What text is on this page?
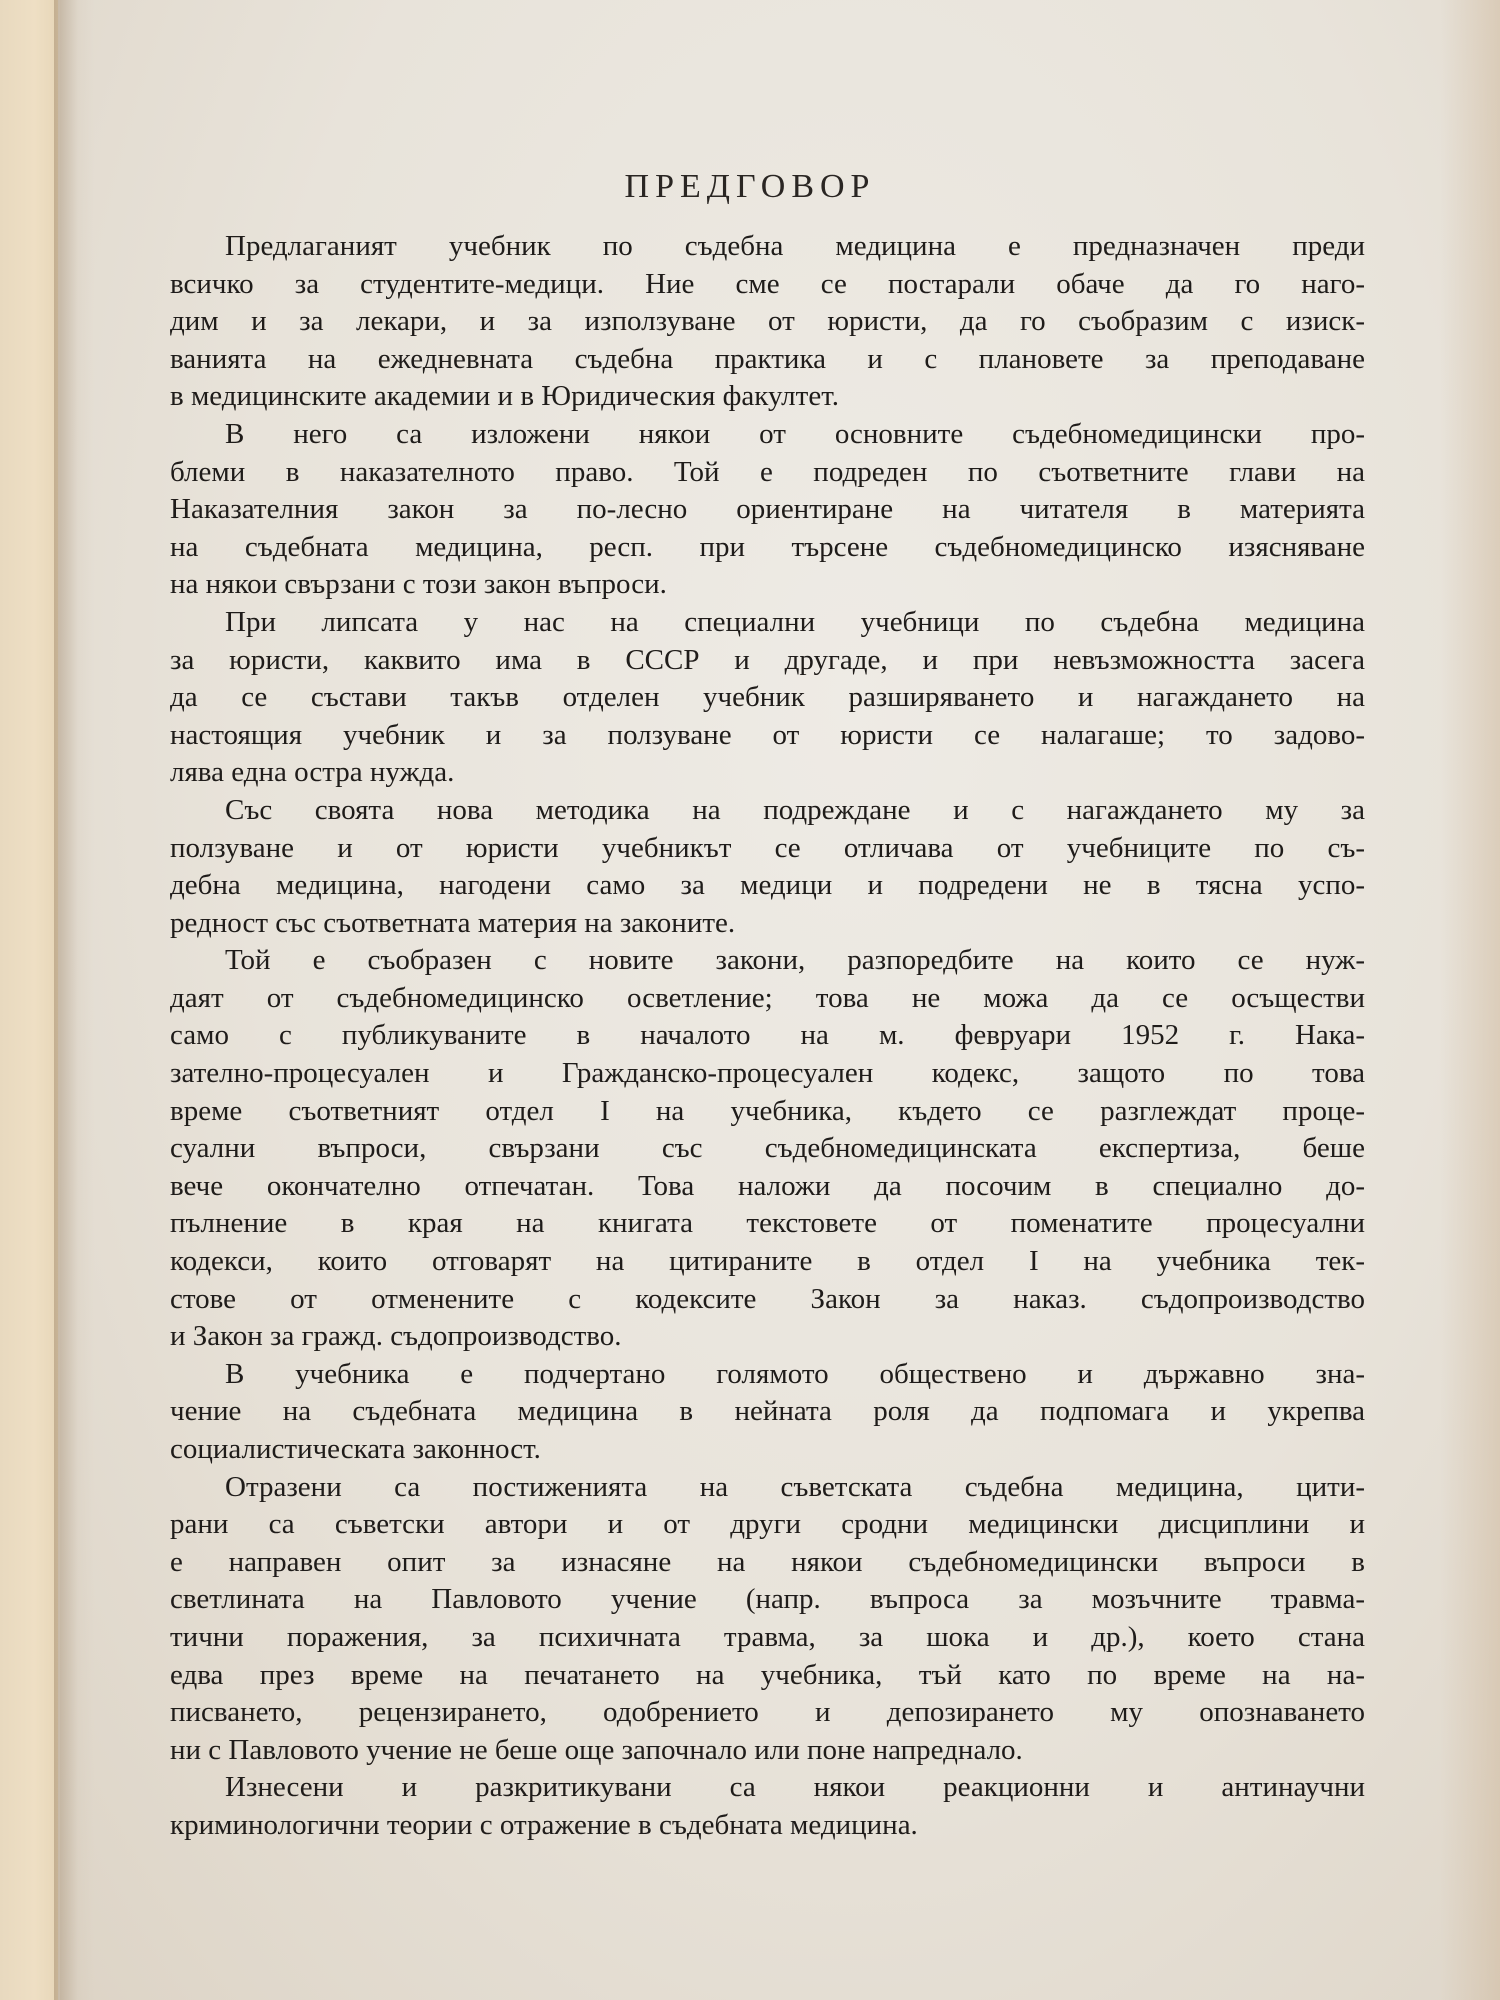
ПРЕДГОВОР
Предлаганият учебник по съдебна медицина е предназначен преди
всичко за студентите-медици. Ние сме се постарали обаче да го наго-
дим и за лекари, и за използуване от юристи, да го съобразим с изиск-
ванията на ежедневната съдебна практика и с плановете за преподаване
в медицинските академии и в Юридическия факултет.
В него са изложени някои от основните съдебномедицински про-
блеми в наказателното право. Той е подреден по съответните глави на
Наказателния закон за по-лесно ориентиране на читателя в материята
на съдебната медицина, респ. при търсене съдебномедицинско изясняване
на някои свързани с този закон въпроси.
При липсата у нас на специални учебници по съдебна медицина
за юристи, каквито има в СССР и другаде, и при невъзможността засега
да се състави такъв отделен учебник разширяването и нагаждането на
настоящия учебник и за ползуване от юристи се налагаше; то задово-
лява една остра нужда.
Със своята нова методика на подреждане и с нагаждането му за
ползуване и от юристи учебникът се отличава от учебниците по съ-
дебна медицина, нагодени само за медици и подредени не в тясна успо-
редност със съответната материя на законите.
Той е съобразен с новите закони, разпоредбите на които се нуж-
даят от съдебномедицинско осветление; това не можа да се осъществи
само с публикуваните в началото на м. февруари 1952 г. Нака-
зателно-процесуален и Гражданско-процесуален кодекс, защото по това
време съответният отдел I на учебника, където се разглеждат проце-
суални въпроси, свързани със съдебномедицинската експертиза, беше
вече окончателно отпечатан. Това наложи да посочим в специално до-
пълнение в края на книгата текстовете от поменатите процесуални
кодекси, които отговарят на цитираните в отдел I на учебника тек-
стове от отменените с кодексите Закон за наказ. съдопроизводство
и Закон за гражд. съдопроизводство.
В учебника е подчертано голямото обществено и държавно зна-
чение на съдебната медицина в нейната роля да подпомага и укрепва
социалистическата законност.
Отразени са постиженията на съветската съдебна медицина, цити-
рани са съветски автори и от други сродни медицински дисциплини и
е направен опит за изнасяне на някои съдебномедицински въпроси в
светлината на Павловото учение (напр. въпроса за мозъчните травма-
тични поражения, за психичната травма, за шока и др.), което стана
едва през време на печатането на учебника, тъй като по време на на-
писването, рецензирането, одобрението и депозирането му опознаването
ни с Павловото учение не беше още започнало или поне напреднало.
Изнесени и разкритикувани са някои реакционни и антинаучни
криминологични теории с отражение в съдебната медицина.
